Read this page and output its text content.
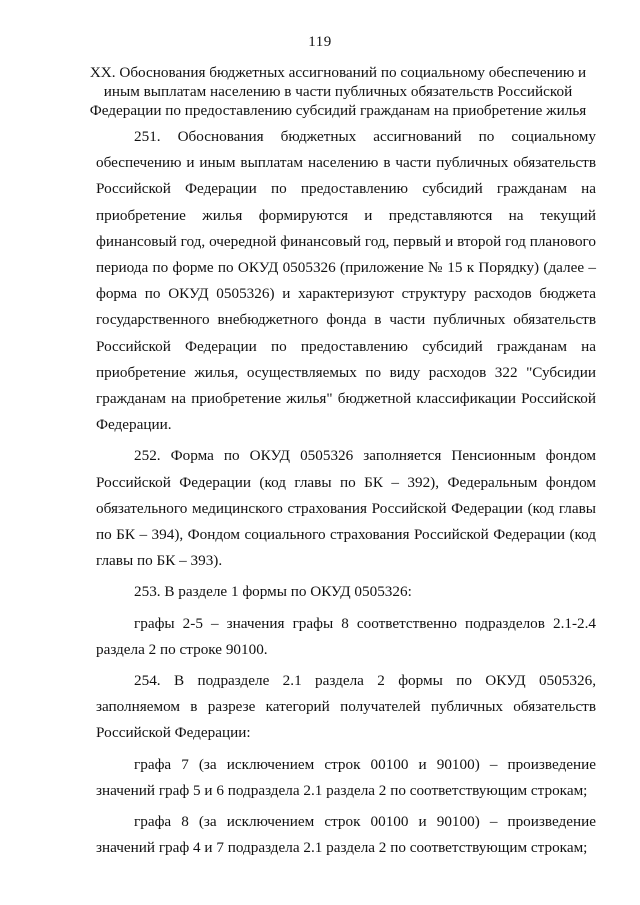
119
XX. Обоснования бюджетных ассигнований по социальному обеспечению и иным выплатам населению в части публичных обязательств Российской Федерации по предоставлению субсидий гражданам на приобретение жилья

251. Обоснования бюджетных ассигнований по социальному обеспечению и иным выплатам населению в части публичных обязательств Российской Федерации по предоставлению субсидий гражданам на приобретение жилья формируются и представляются на текущий финансовый год, очередной финансовый год, первый и второй год планового периода по форме по ОКУД 0505326 (приложение № 15 к Порядку) (далее – форма по ОКУД 0505326) и характеризуют структуру расходов бюджета государственного внебюджетного фонда в части публичных обязательств Российской Федерации по предоставлению субсидий гражданам на приобретение жилья, осуществляемых по виду расходов 322 "Субсидии гражданам на приобретение жилья" бюджетной классификации Российской Федерации.

252. Форма по ОКУД 0505326 заполняется Пенсионным фондом Российской Федерации (код главы по БК – 392), Федеральным фондом обязательного медицинского страхования Российской Федерации (код главы по БК – 394), Фондом социального страхования Российской Федерации (код главы по БК – 393).

253. В разделе 1 формы по ОКУД 0505326:

графы 2-5 – значения графы 8 соответственно подразделов 2.1-2.4 раздела 2 по строке 90100.

254. В подразделе 2.1 раздела 2 формы по ОКУД 0505326, заполняемом в разрезе категорий получателей публичных обязательств Российской Федерации:

графа 7 (за исключением строк 00100 и 90100) – произведение значений граф 5 и 6 подраздела 2.1 раздела 2 по соответствующим строкам;

графа 8 (за исключением строк 00100 и 90100) – произведение значений граф 4 и 7 подраздела 2.1 раздела 2 по соответствующим строкам;
